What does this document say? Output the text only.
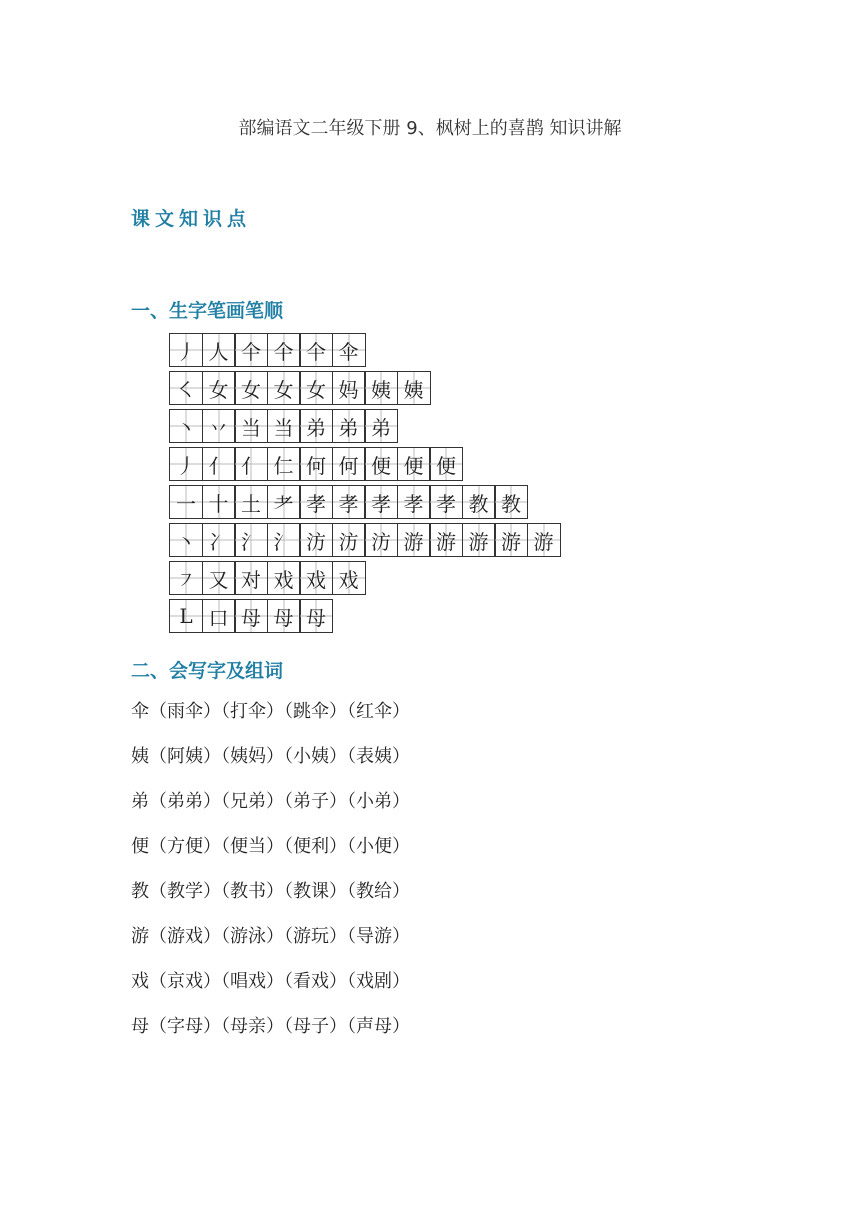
部编语文二年级下册 9、枫树上的喜鹊 知识讲解
课文知识点
一、生字笔画笔顺
丿 人 仐 仐 仐 伞
㇛ 女 女 女 女 妈 姨 姨
丶 丷 当 当 弟 弟 弟
丿 亻 亻 仁 何 何 便 便 便
一 十 土 耂 孝 孝 孝 孝 孝 教 教
丶 冫 氵 氵 汸 汸 汸 游 游 游 游 游
㇇ 又 对 戏 戏 戏
L 口 母 母 母
二、会写字及组词
伞（雨伞）（打伞）（跳伞）（红伞）
姨（阿姨）（姨妈）（小姨）（表姨）
弟（弟弟）（兄弟）（弟子）（小弟）
便（方便）（便当）（便利）（小便）
教（教学）（教书）（教课）（教给）
游（游戏）（游泳）（游玩）（导游）
戏（京戏）（唱戏）（看戏）（戏剧）
母（字母）（母亲）（母子）（声母）
